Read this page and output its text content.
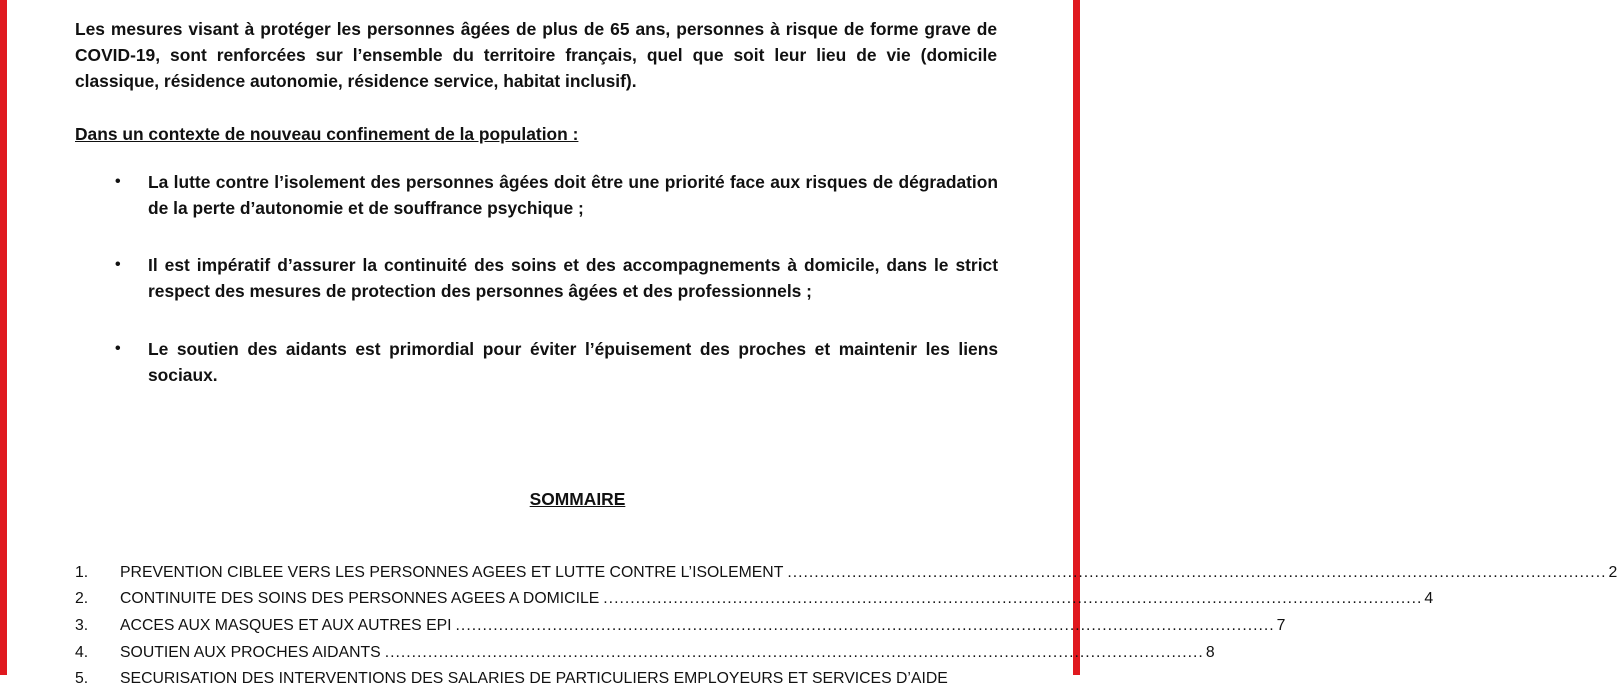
Les mesures visant à protéger les personnes âgées de plus de 65 ans, personnes à risque de forme grave de COVID-19, sont renforcées sur l’ensemble du territoire français, quel que soit leur lieu de vie (domicile classique, résidence autonomie, résidence service, habitat inclusif).

Dans un contexte de nouveau confinement de la population :

• La lutte contre l’isolement des personnes âgées doit être une priorité face aux risques de dégradation de la perte d’autonomie et de souffrance psychique ;
• Il est impératif d’assurer la continuité des soins et des accompagnements à domicile, dans le strict respect des mesures de protection des personnes âgées et des professionnels ;
• Le soutien des aidants est primordial pour éviter l’épuisement des proches et maintenir les liens sociaux.

SOMMAIRE

1.	PREVENTION CIBLEE VERS LES PERSONNES AGEES ET LUTTE CONTRE L’ISOLEMENT ........................................................................................................................................................ 2
2.	CONTINUITE DES SOINS DES PERSONNES AGEES A DOMICILE ........................................................................................................................................................ 4
3.	ACCES AUX MASQUES ET AUX AUTRES EPI ........................................................................................................................................................ 7
4.	SOUTIEN AUX PROCHES AIDANTS ........................................................................................................................................................ 8
5.	SECURISATION DES INTERVENTIONS DES SALARIES DE PARTICULIERS EMPLOYEURS ET SERVICES D’AIDE
